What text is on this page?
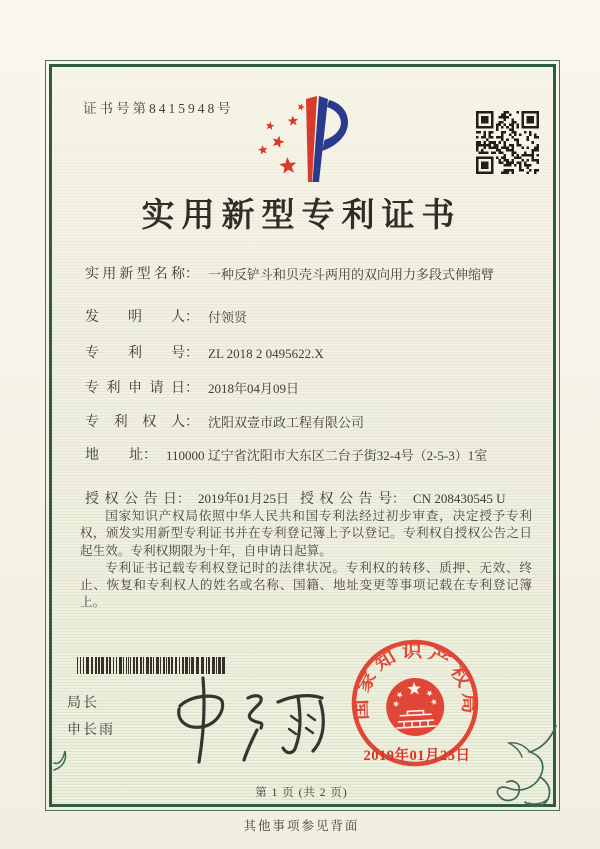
证书号第8415948号
实用新型专利证书
实用新型名称： 一种反铲斗和贝壳斗两用的双向用力多段式伸缩臂
发明人： 付领贤
专利号： ZL 2018 2 0495622.X
专利申请日： 2018年04月09日
专利权人： 沈阳双壹市政工程有限公司
地址： 110000 辽宁省沈阳市大东区二台子街32-4号（2-5-3）1室
授权公告日： 2019年01月25日 授权公告号： CN 208430545 U

国家知识产权局依照中华人民共和国专利法经过初步审查，决定授予专利权，颁发实用新型专利证书并在专利登记簿上予以登记。专利权自授权公告之日起生效。专利权期限为十年，自申请日起算。

专利证书记载专利权登记时的法律状况。专利权的转移、质押、无效、终止、恢复和专利权人的姓名或名称、国籍、地址变更等事项记载在专利登记簿上。

局长
申长雨
国家知识产权局
2019年01月25日
第 1 页 (共 2 页)
其他事项参见背面
